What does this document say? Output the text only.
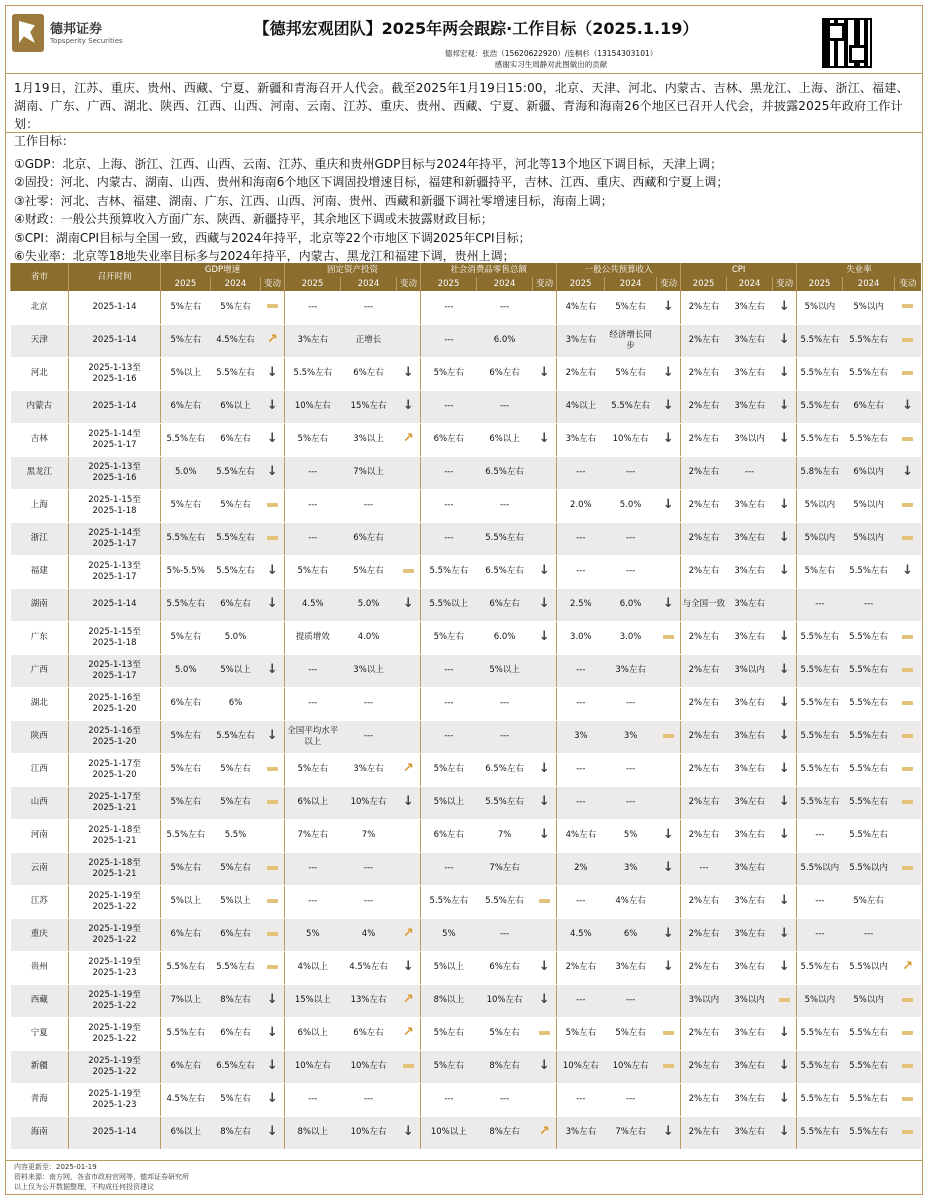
德邦证券
Topsperity Securities
【德邦宏观团队】2025年两会跟踪·工作目标（2025.1.19）
德邦宏观：张浩（15620622920）/连桐杉（13154303101）
感谢实习生周静对此图做出的贡献
1月19日，江苏、重庆、贵州、西藏、宁夏、新疆和青海召开人代会。截至2025年1月19日15:00，北京、天津、河北、内蒙古、吉林、黑龙江、上海、浙江、福建、湖南、广东、广西、湖北、陕西、江西、山西、河南、云南、江苏、重庆、贵州、西藏、宁夏、新疆、青海和海南26个地区已召开人代会，并披露2025年政府工作计划：
工作目标：
①GDP：北京、上海、浙江、江西、山西、云南、江苏、重庆和贵州GDP目标与2024年持平，河北等13个地区下调目标，天津上调；
②固投：河北、内蒙古、湖南、山西、贵州和海南6个地区下调固投增速目标，福建和新疆持平，吉林、江西、重庆、西藏和宁夏上调；
③社零：河北、吉林、福建、湖南、广东、江西、山西、河南、贵州、西藏和新疆下调社零增速目标，海南上调；
④财政：一般公共预算收入方面广东、陕西、新疆持平，其余地区下调或未披露财政目标；
⑤CPI：湖南CPI目标与全国一致，西藏与2024年持平，北京等22个市地区下调2025年CPI目标；
⑥失业率：北京等18地失业率目标多与2024年持平，内蒙古、黑龙江和福建下调，贵州上调；
省市	召开时间	GDP增速			固定资产投资			社会消费品零售总额			一般公共预算收入			CPI			失业率		
		2025	2024	变动	2025	2024	变动	2025	2024	变动	2025	2024	变动	2025	2024	变动	2025	2024	变动
北京	2025-1-14	5%左右	5%左右		---	---		---	---		4%左右	5%左右	↓	2%左右	3%左右	↓	5%以内	5%以内	
天津	2025-1-14	5%左右	4.5%左右	↗	3%左右	正增长		---	6.0%		3%左右	经济增长同步		2%左右	3%左右	↓	5.5%左右	5.5%左右	
河北	2025-1-13至
2025-1-16	5%以上	5.5%左右	↓	5.5%左右	6%左右	↓	5%左右	6%左右	↓	2%左右	5%左右	↓	2%左右	3%左右	↓	5.5%左右	5.5%左右	
内蒙古	2025-1-14	6%左右	6%以上	↓	10%左右	15%左右	↓	---	---		4%以上	5.5%左右	↓	2%左右	3%左右	↓	5.5%左右	6%左右	↓
吉林	2025-1-14至
2025-1-17	5.5%左右	6%左右	↓	5%左右	3%以上	↗	6%左右	6%以上	↓	3%左右	10%左右	↓	2%左右	3%以内	↓	5.5%左右	5.5%左右	
黑龙江	2025-1-13至
2025-1-16	5.0%	5.5%左右	↓	---	7%以上		---	6.5%左右		---	---		2%左右	---		5.8%左右	6%以内	↓
上海	2025-1-15至
2025-1-18	5%左右	5%左右		---	---		---	---		2.0%	5.0%	↓	2%左右	3%左右	↓	5%以内	5%以内	
浙江	2025-1-14至
2025-1-17	5.5%左右	5.5%左右		---	6%左右		---	5.5%左右		---	---		2%左右	3%左右	↓	5%以内	5%以内	
福建	2025-1-13至
2025-1-17	5%-5.5%	5.5%左右	↓	5%左右	5%左右		5.5%左右	6.5%左右	↓	---	---		2%左右	3%左右	↓	5%左右	5.5%左右	↓
湖南	2025-1-14	5.5%左右	6%左右	↓	4.5%	5.0%	↓	5.5%以上	6%左右	↓	2.5%	6.0%	↓	与全国一致	3%左右		---	---	
广东	2025-1-15至
2025-1-18	5%左右	5.0%		提质增效	4.0%		5%左右	6.0%	↓	3.0%	3.0%		2%左右	3%左右	↓	5.5%左右	5.5%左右	
广西	2025-1-13至
2025-1-17	5.0%	5%以上	↓	---	3%以上		---	5%以上		---	3%左右		2%左右	3%以内	↓	5.5%左右	5.5%左右	
湖北	2025-1-16至
2025-1-20	6%左右	6%		---	---		---	---		---	---		2%左右	3%左右	↓	5.5%左右	5.5%左右	
陕西	2025-1-16至
2025-1-20	5%左右	5.5%左右	↓	全国平均水平以上	---		---	---		3%	3%		2%左右	3%左右	↓	5.5%左右	5.5%左右	
江西	2025-1-17至
2025-1-20	5%左右	5%左右		5%左右	3%左右	↗	5%左右	6.5%左右	↓	---	---		2%左右	3%左右	↓	5.5%左右	5.5%左右	
山西	2025-1-17至
2025-1-21	5%左右	5%左右		6%以上	10%左右	↓	5%以上	5.5%左右	↓	---	---		2%左右	3%左右	↓	5.5%左右	5.5%左右	
河南	2025-1-18至
2025-1-21	5.5%左右	5.5%		7%左右	7%		6%左右	7%	↓	4%左右	5%	↓	2%左右	3%左右	↓	---	5.5%左右	
云南	2025-1-18至
2025-1-21	5%左右	5%左右		---	---		---	7%左右		2%	3%	↓	---	3%左右		5.5%以内	5.5%以内	
江苏	2025-1-19至
2025-1-22	5%以上	5%以上		---	---		5.5%左右	5.5%左右		---	4%左右		2%左右	3%左右	↓	---	5%左右	
重庆	2025-1-19至
2025-1-22	6%左右	6%左右		5%	4%	↗	5%	---		4.5%	6%	↓	2%左右	3%左右	↓	---	---	
贵州	2025-1-19至
2025-1-23	5.5%左右	5.5%左右		4%以上	4.5%左右	↓	5%以上	6%左右	↓	2%左右	3%左右	↓	2%左右	3%左右	↓	5.5%左右	5.5%以内	↗
西藏	2025-1-19至
2025-1-22	7%以上	8%左右	↓	15%以上	13%左右	↗	8%以上	10%左右	↓	---	---		3%以内	3%以内		5%以内	5%以内	
宁夏	2025-1-19至
2025-1-22	5.5%左右	6%左右	↓	6%以上	6%左右	↗	5%左右	5%左右		5%左右	5%左右		2%左右	3%左右	↓	5.5%左右	5.5%左右	
新疆	2025-1-19至
2025-1-22	6%左右	6.5%左右	↓	10%左右	10%左右		5%左右	8%左右	↓	10%左右	10%左右		2%左右	3%左右	↓	5.5%左右	5.5%左右	
青海	2025-1-19至
2025-1-23	4.5%左右	5%左右	↓	---	---		---	---		---	---		2%左右	3%左右	↓	5.5%左右	5.5%左右	
海南	2025-1-14	6%以上	8%左右	↓	8%以上	10%左右	↓	10%以上	8%左右	↗	3%左右	7%左右	↓	2%左右	3%左右	↓	5.5%左右	5.5%左右	
内容更新至：2025-01-19
资料来源：南方网，各省市政府官网等，德邦证券研究所
以上仅为公开数据整理，不构成任何投资建议
